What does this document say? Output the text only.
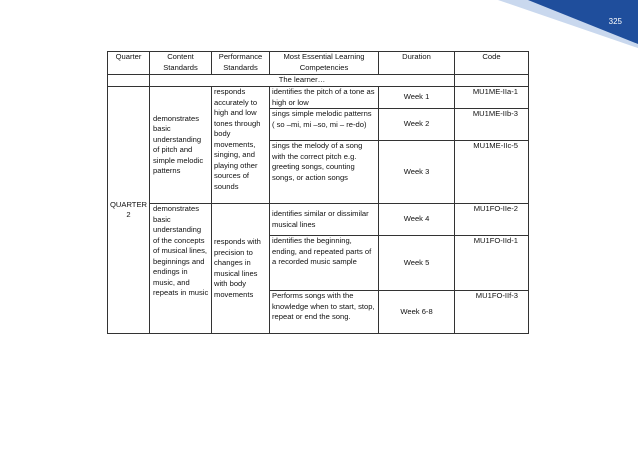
325
Quarter	Content Standards	Performance Standards	Most Essential Learning Competencies	Duration	Code
	The learner…				
QUARTER 2	demonstrates basic understanding of pitch and simple melodic patterns	responds accurately to high and low tones through body movements, singing, and playing other sources of sounds	identifies the pitch of a tone as high or low	Week 1	MU1ME-IIa-1
			sings simple melodic patterns ( so –mi, mi –so, mi – re-do)	Week 2	MU1ME-IIb-3
			sings the melody of a song with the correct pitch e.g. greeting songs, counting songs, or action songs	Week 3	MU1ME-IIc-5
	demonstrates basic understanding of the concepts of musical lines, beginnings and endings in music, and repeats in music	responds with precision to changes in musical lines with body movements	identifies similar or dissimilar musical lines	Week 4	MU1FO-IIe-2
			identifies the beginning, ending, and repeated parts of a recorded music sample	Week 5	MU1FO-IId-1
			Performs songs with the knowledge when to start, stop, repeat or end the song.	Week 6-8	MU1FO-IIf-3
